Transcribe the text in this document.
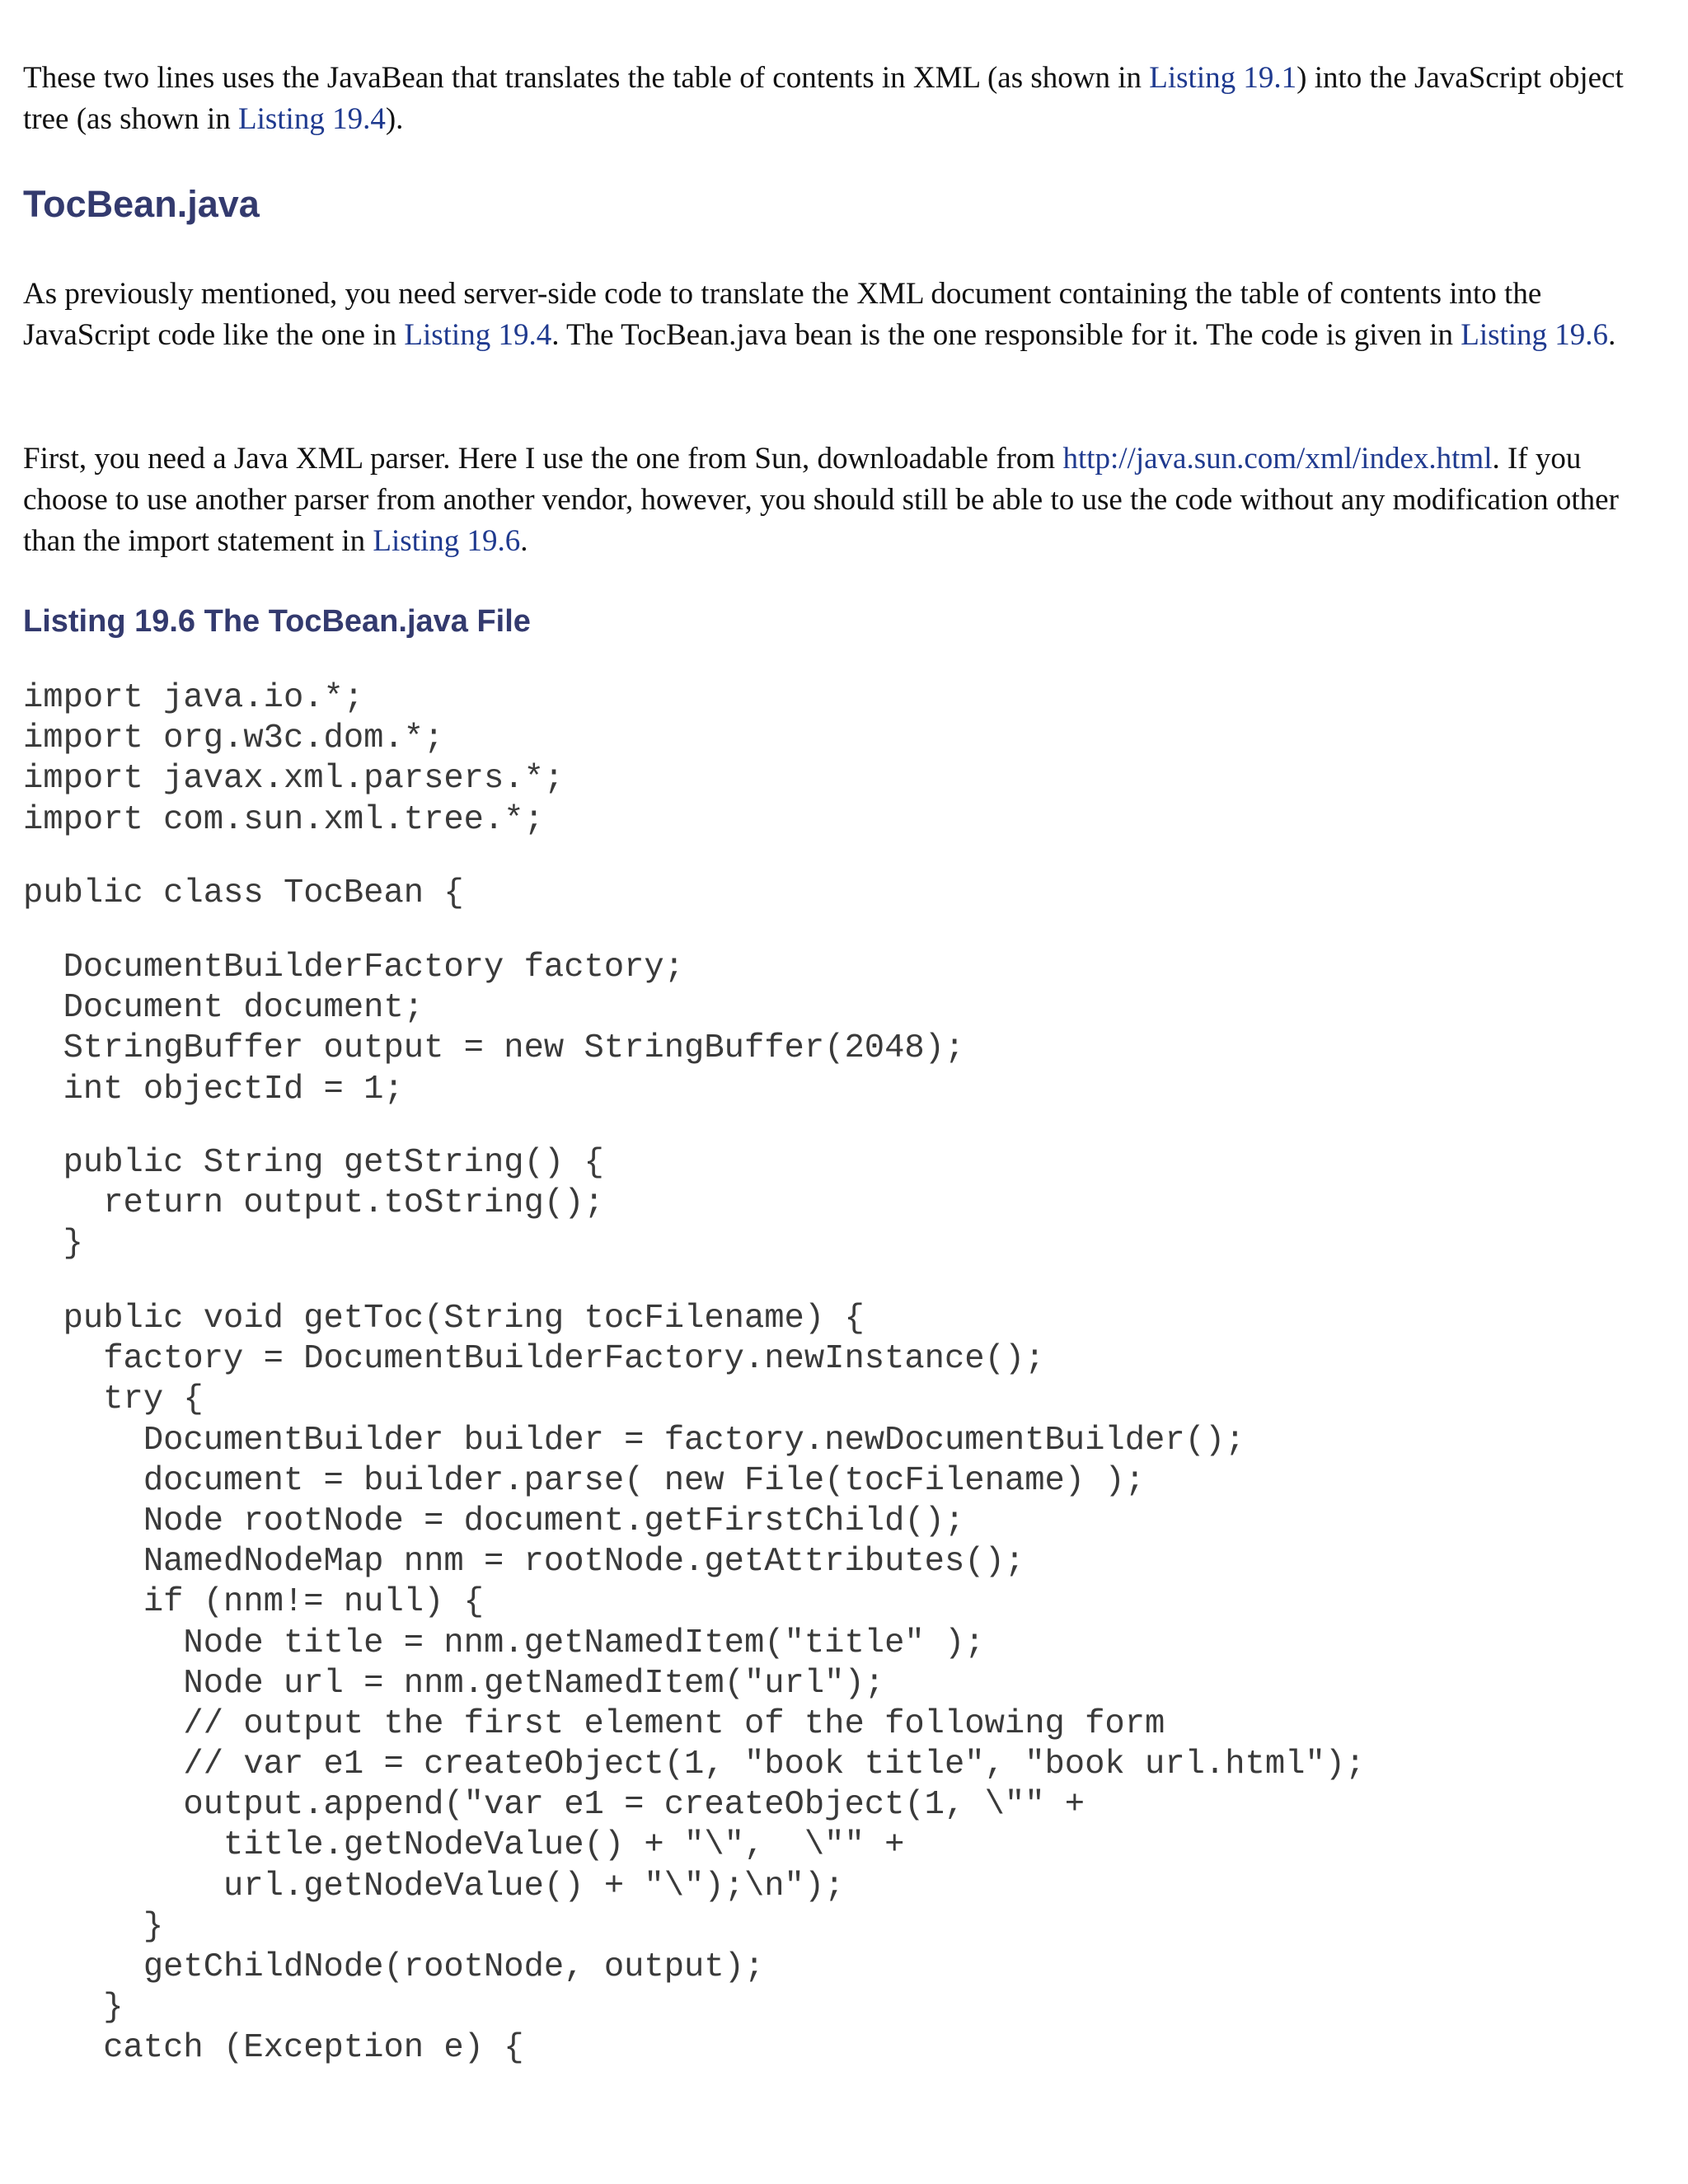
These two lines uses the JavaBean that translates the table of contents in XML (as shown in Listing 19.1) into the JavaScript object tree (as shown in Listing 19.4).

TocBean.java

As previously mentioned, you need server-side code to translate the XML document containing the table of contents into the JavaScript code like the one in Listing 19.4. The TocBean.java bean is the one responsible for it. The code is given in Listing 19.6.

First, you need a Java XML parser. Here I use the one from Sun, downloadable from http://java.sun.com/xml/index.html. If you choose to use another parser from another vendor, however, you should still be able to use the code without any modification other than the import statement in Listing 19.6.

Listing 19.6 The TocBean.java File
import java.io.*;
import org.w3c.dom.*;
import javax.xml.parsers.*;
import com.sun.xml.tree.*;
public class TocBean {
DocumentBuilderFactory factory;
Document document;
StringBuffer output = new StringBuffer(2048);
int objectId = 1;
public String getString() {
return output.toString();
}
public void getToc(String tocFilename) {
factory = DocumentBuilderFactory.newInstance();
try {
DocumentBuilder builder = factory.newDocumentBuilder();
document = builder.parse( new File(tocFilename) );
Node rootNode = document.getFirstChild();
NamedNodeMap nnm = rootNode.getAttributes();
if (nnm!= null) {
Node title = nnm.getNamedItem("title" );
Node url = nnm.getNamedItem("url");
// output the first element of the following form
// var e1 = createObject(1, "book title", "book url.html");
output.append("var e1 = createObject(1, \"" +
title.getNodeValue() + "\",  \"" +
url.getNodeValue() + "\");\n");
}
getChildNode(rootNode, output);
}
catch (Exception e) {
